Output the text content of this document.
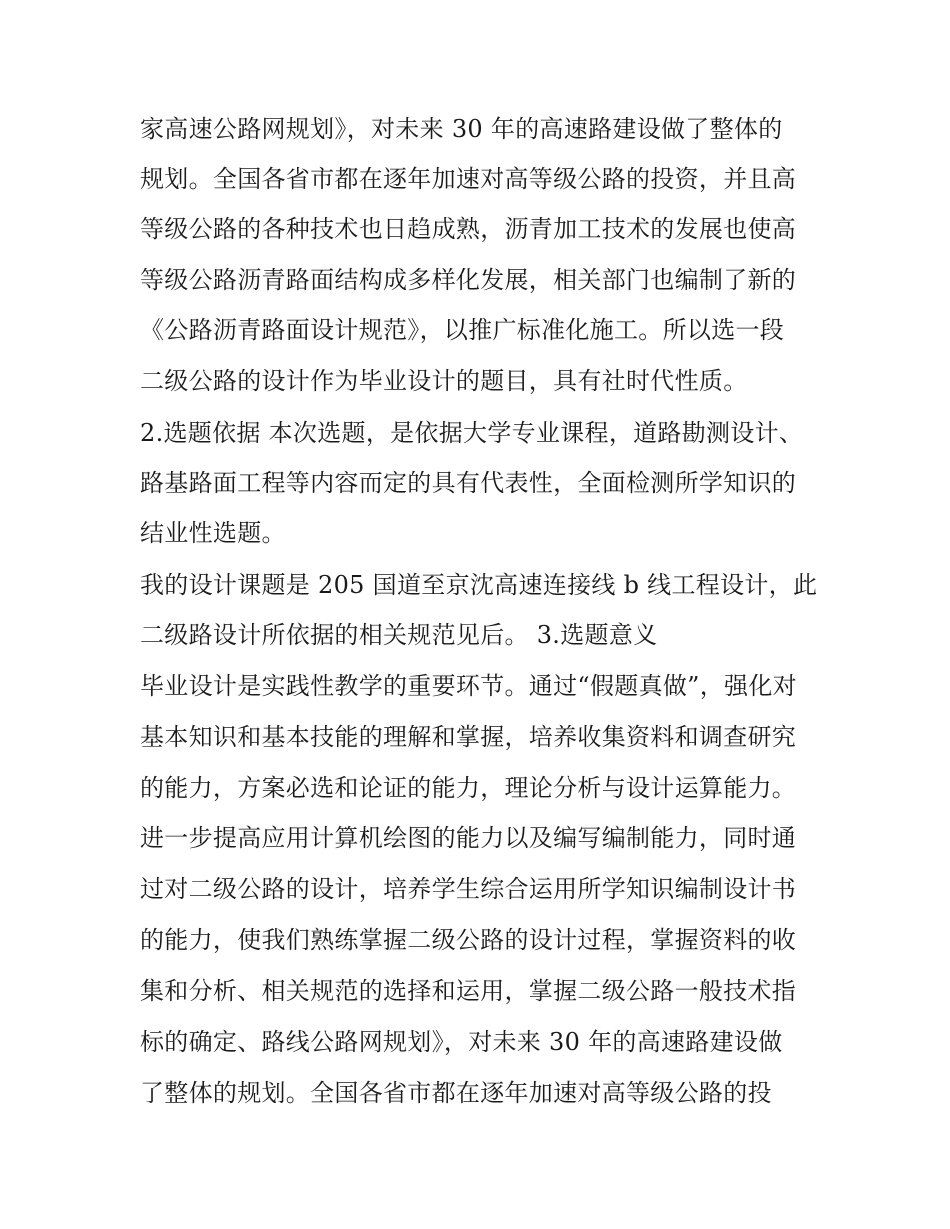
家高速公路网规划》，对未来 30 年的高速路建设做了整体的
规划。全国各省市都在逐年加速对高等级公路的投资，并且高
等级公路的各种技术也日趋成熟，沥青加工技术的发展也使高
等级公路沥青路面结构成多样化发展，相关部门也编制了新的
《公路沥青路面设计规范》，以推广标准化施工。所以选一段
二级公路的设计作为毕业设计的题目，具有社时代性质。
2.选题依据 本次选题，是依据大学专业课程，道路勘测设计、
路基路面工程等内容而定的具有代表性，全面检测所学知识的
结业性选题。
我的设计课题是 205 国道至京沈高速连接线 b 线工程设计，此
二级路设计所依据的相关规范见后。 3.选题意义
毕业设计是实践性教学的重要环节。通过“假题真做”，强化对
基本知识和基本技能的理解和掌握，培养收集资料和调查研究
的能力，方案必选和论证的能力，理论分析与设计运算能力。
进一步提高应用计算机绘图的能力以及编写编制能力，同时通
过对二级公路的设计，培养学生综合运用所学知识编制设计书
的能力，使我们熟练掌握二级公路的设计过程，掌握资料的收
集和分析、相关规范的选择和运用，掌握二级公路一般技术指
标的确定、路线公路网规划》，对未来 30 年的高速路建设做
了整体的规划。全国各省市都在逐年加速对高等级公路的投
